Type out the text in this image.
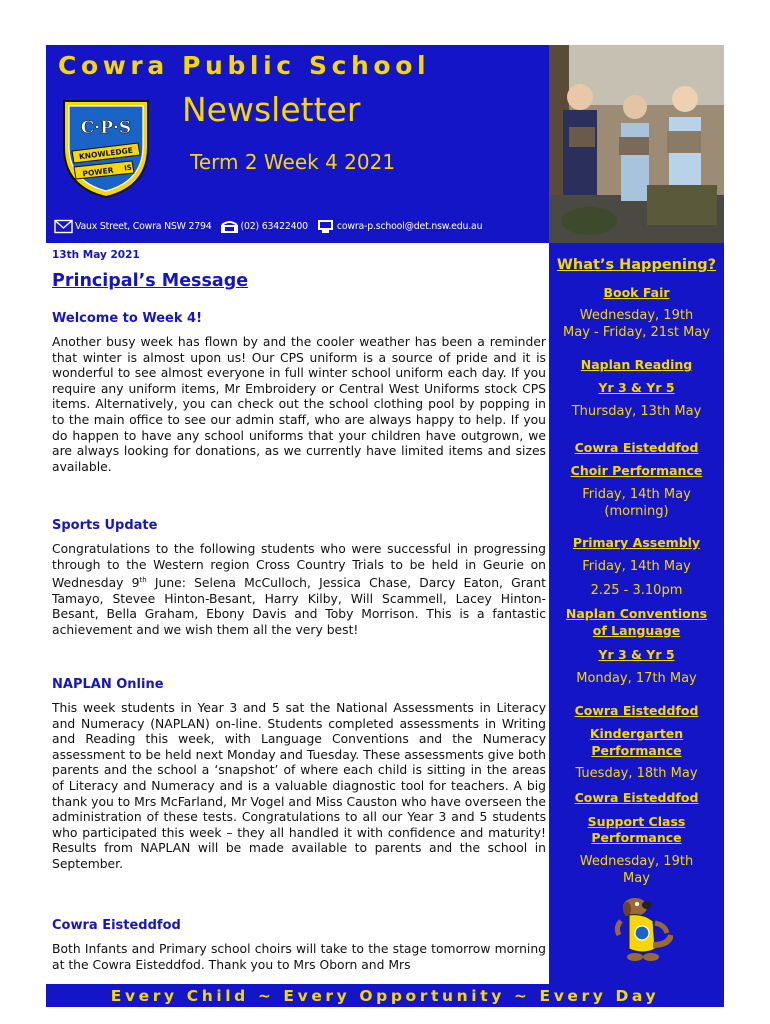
Cowra Public School
C·P·S
KNOWLEDGE
POWER IS
Newsletter
Term 2 Week 4 2021
Vaux Street, Cowra NSW 2794	(02) 63422400	cowra-p.school@det.nsw.edu.au
13th May 2021
Principal’s Message
Welcome to Week 4!

Another busy week has flown by and the cooler weather has been a reminder that winter is almost upon us! Our CPS uniform is a source of pride and it is wonderful to see almost everyone in full winter school uniform each day. If you require any uniform items, Mr Embroidery or Central West Uniforms stock CPS items. Alternatively, you can check out the school clothing pool by popping in to the main office to see our admin staff, who are always happy to help. If you do happen to have any school uniforms that your children have outgrown, we are always looking for donations, as we currently have limited items and sizes available.

Sports Update

Congratulations to the following students who were successful in progressing through to the Western region Cross Country Trials to be held in Geurie on Wednesday 9th June: Selena McCulloch, Jessica Chase, Darcy Eaton, Grant Tamayo, Stevee Hinton-Besant, Harry Kilby, Will Scammell, Lacey Hinton-Besant, Bella Graham, Ebony Davis and Toby Morrison. This is a fantastic achievement and we wish them all the very best!

NAPLAN Online

This week students in Year 3 and 5 sat the National Assessments in Literacy and Numeracy (NAPLAN) on-line. Students completed assessments in Writing and Reading this week, with Language Conventions and the Numeracy assessment to be held next Monday and Tuesday. These assessments give both parents and the school a ‘snapshot’ of where each child is sitting in the areas of Literacy and Numeracy and is a valuable diagnostic tool for teachers. A big thank you to Mrs McFarland, Mr Vogel and Miss Causton who have overseen the administration of these tests. Congratulations to all our Year 3 and 5 students who participated this week – they all handled it with confidence and maturity! Results from NAPLAN will be made available to parents and the school in September.

Cowra Eisteddfod

Both Infants and Primary school choirs will take to the stage tomorrow morning at the Cowra Eisteddfod. Thank you to Mrs Oborn and Mrs

What’s Happening?
Book Fair
Wednesday, 19th
May - Friday, 21st May
Naplan Reading
Yr 3 & Yr 5
Thursday, 13th May
Cowra Eisteddfod
Choir Performance
Friday, 14th May
(morning)
Primary Assembly
Friday, 14th May
2.25 - 3.10pm
Naplan Conventions
of Language
Yr 3 & Yr 5
Monday, 17th May
Cowra Eisteddfod
Kindergarten
Performance
Tuesday, 18th May
Cowra Eisteddfod
Support Class
Performance
Wednesday, 19th
May
Every Child ~ Every Opportunity ~ Every Day
